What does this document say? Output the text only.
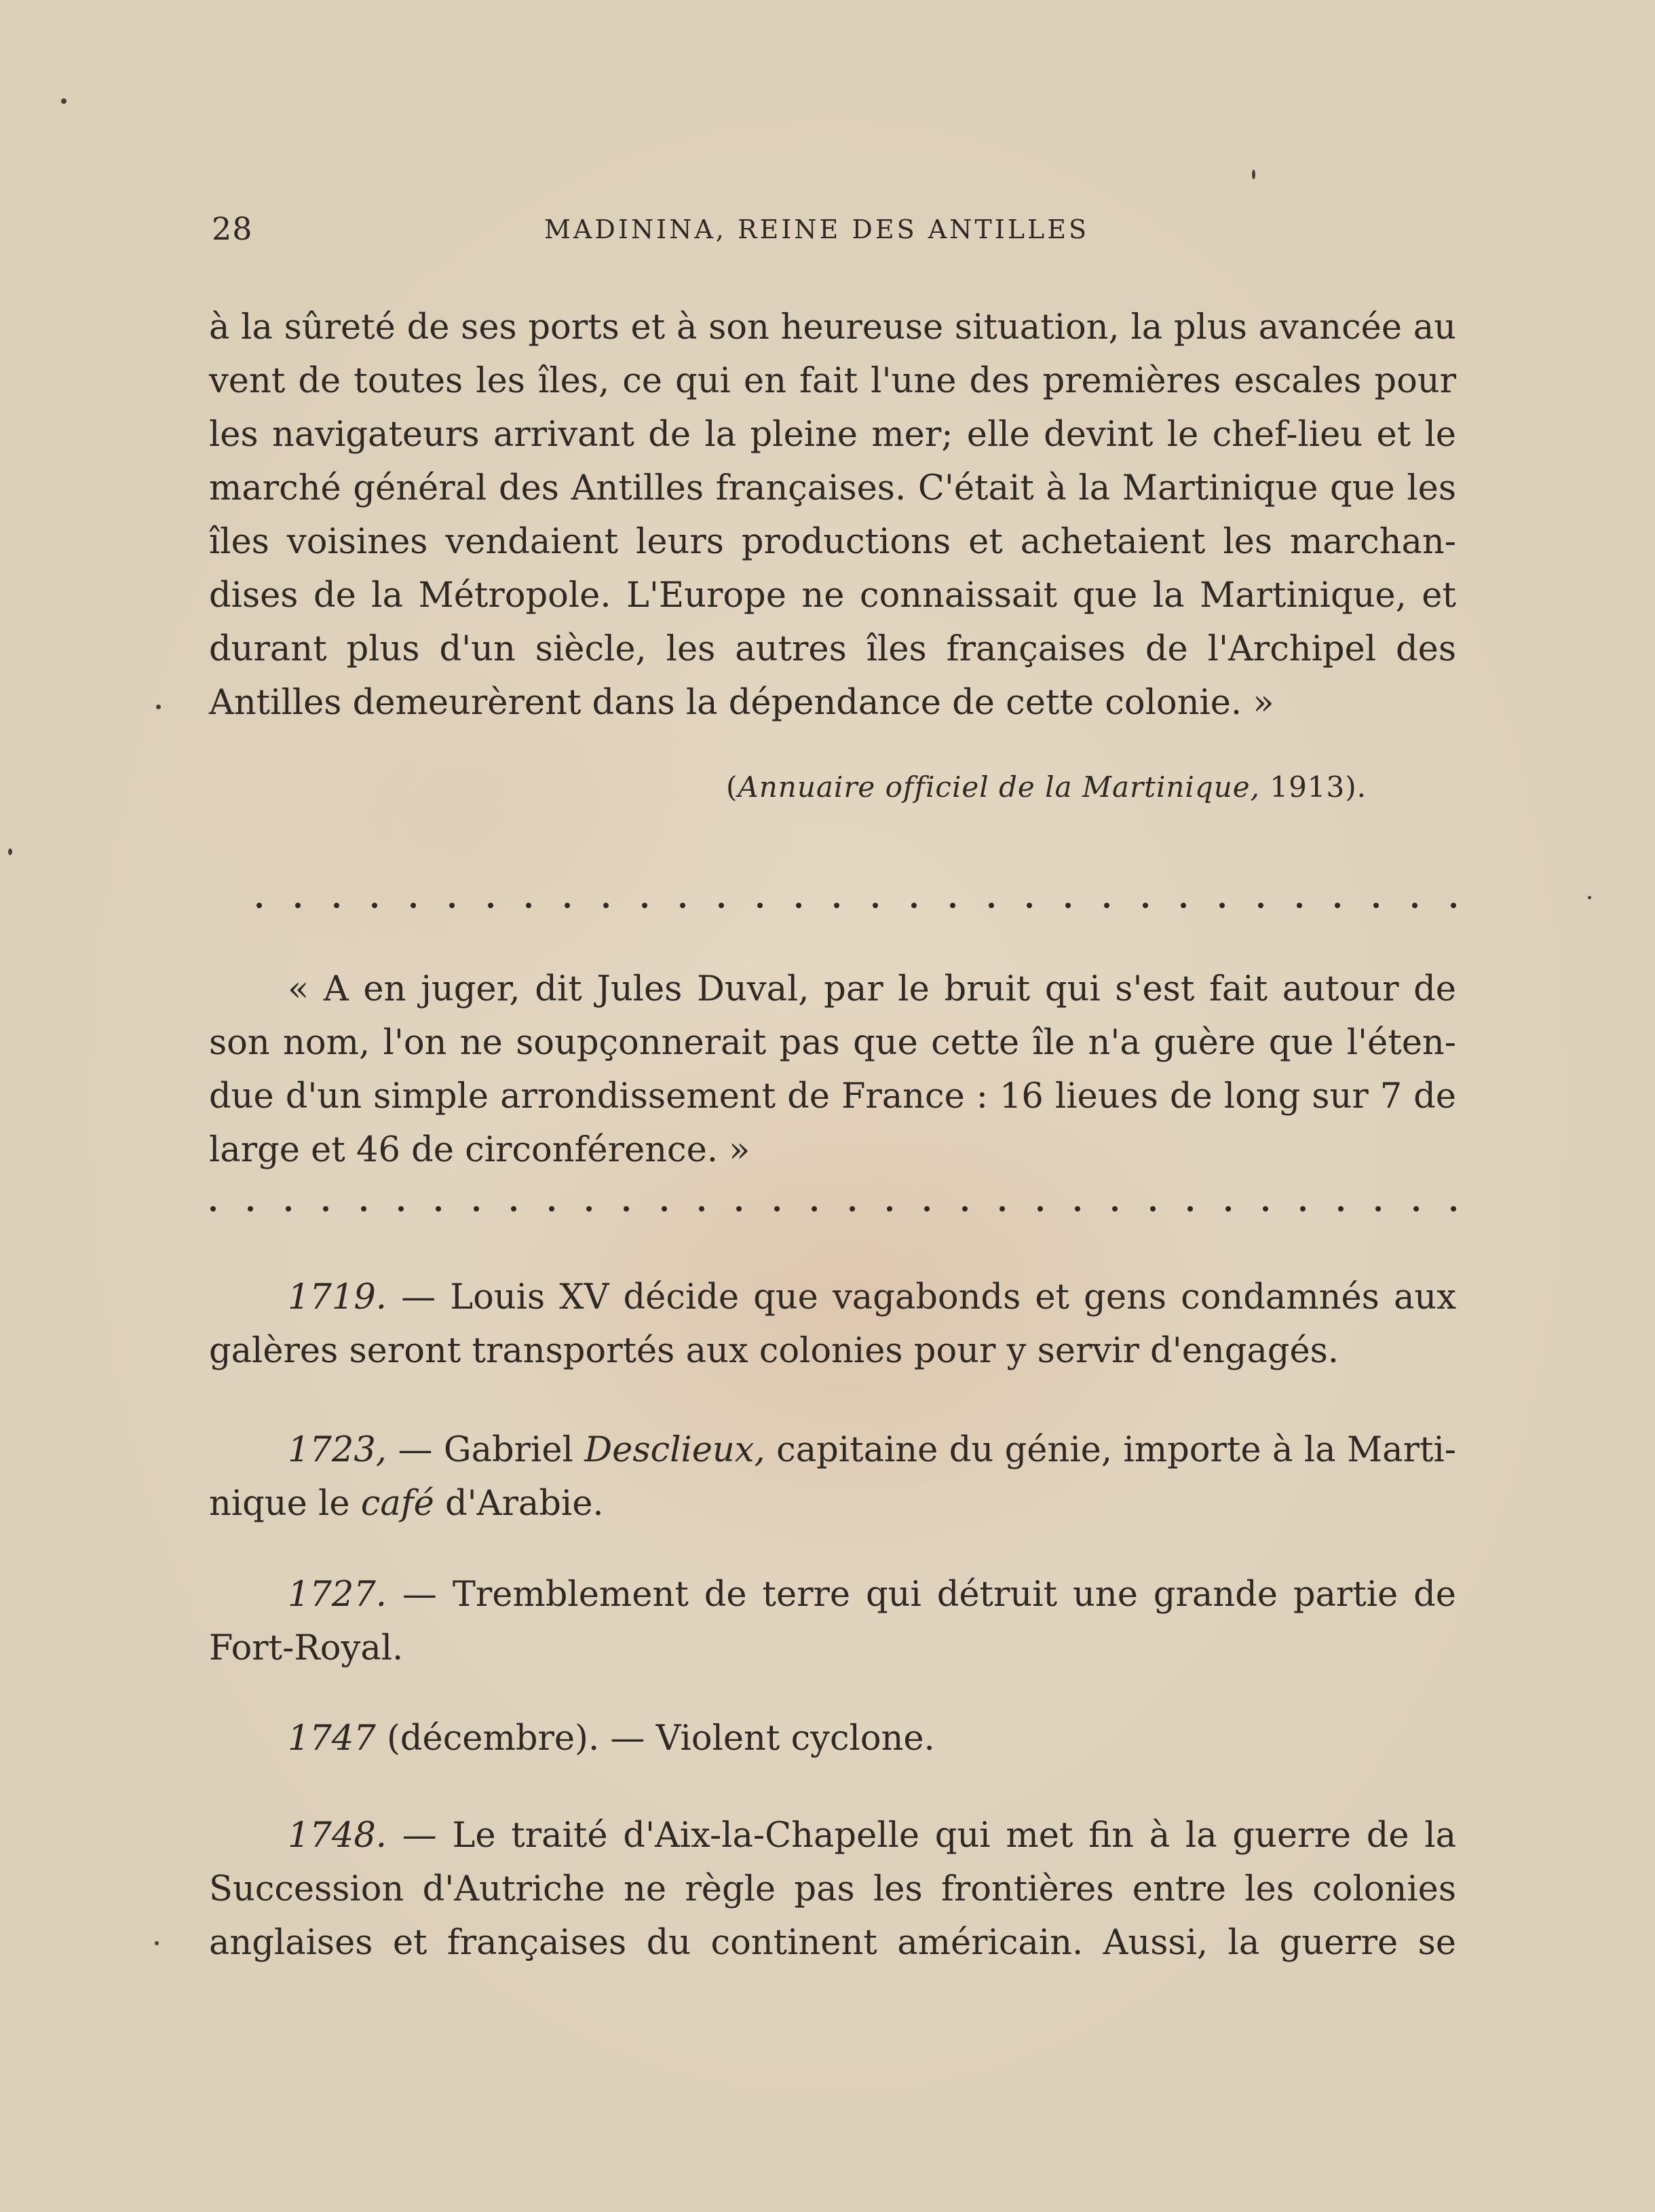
28	MADININA, REINE DES ANTILLES
à la sûreté de ses ports et à son heureuse situation, la plus avancée au vent de toutes les îles, ce qui en fait l'une des premières escales pour les navigateurs arrivant de la pleine mer; elle devint le chef-lieu et le marché général des Antilles françaises. C'était à la Martinique que les îles voisines vendaient leurs productions et achetaient les marchan- dises de la Métropole. L'Europe ne connaissait que la Martinique, et durant plus d'un siècle, les autres îles françaises de l'Archipel des Antilles demeurèrent dans la dépendance de cette colonie. »
(Annuaire officiel de la Martinique, 1913).
« A en juger, dit Jules Duval, par le bruit qui s'est fait autour de son nom, l'on ne soupçonnerait pas que cette île n'a guère que l'éten- due d'un simple arrondissement de France : 16 lieues de long sur 7 de large et 46 de circonférence. »
1719. — Louis XV décide que vagabonds et gens condamnés aux galères seront transportés aux colonies pour y servir d'engagés.
1723, — Gabriel Desclieux, capitaine du génie, importe à la Marti- nique le café d'Arabie.
1727. — Tremblement de terre qui détruit une grande partie de Fort-Royal.
1747 (décembre). — Violent cyclone.
1748. — Le traité d'Aix-la-Chapelle qui met fin à la guerre de la Succession d'Autriche ne règle pas les frontières entre les colonies anglaises et françaises du continent américain. Aussi, la guerre se
